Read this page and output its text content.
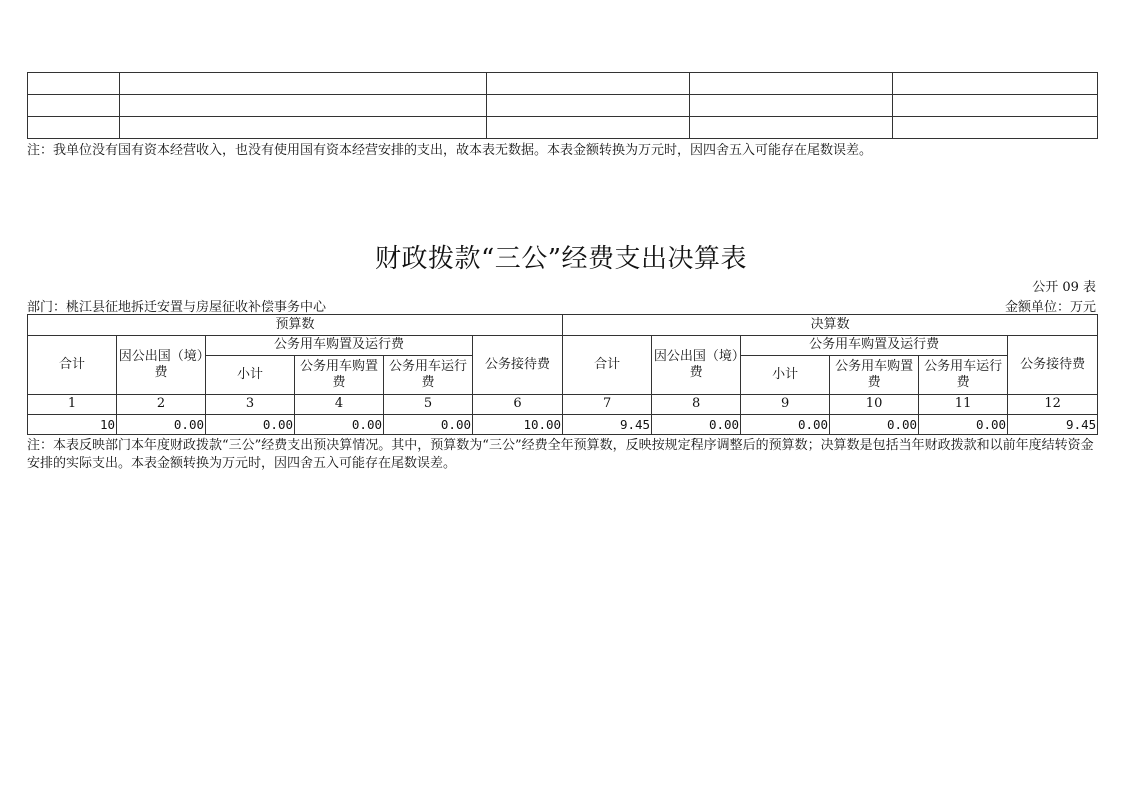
注：我单位没有国有资本经营收入，也没有使用国有资本经营安排的支出，故本表无数据。本表金额转换为万元时，因四舍五入可能存在尾数误差。
财政拨款“三公”经费支出决算表
公开 09 表
部门：桃江县征地拆迁安置与房屋征收补偿事务中心	金额单位：万元
预算数						决算数					
合计	因公出国（境）费	公务用车购置及运行费			公务接待费	合计	因公出国（境）费	公务用车购置及运行费			公务接待费
		小计	公务用车购置费	公务用车运行费				小计	公务用车购置费	公务用车运行费	
1	2	3	4	5	6	7	8	9	10	11	12
10	0.00	0.00	0.00	0.00	10.00	9.45	0.00	0.00	0.00	0.00	9.45
注：本表反映部门本年度财政拨款“三公”经费支出预决算情况。其中，预算数为“三公”经费全年预算数，反映按规定程序调整后的预算数；决算数是包括当年财政拨款和以前年度结转资金安排的实际支出。本表金额转换为万元时，因四舍五入可能存在尾数误差。
